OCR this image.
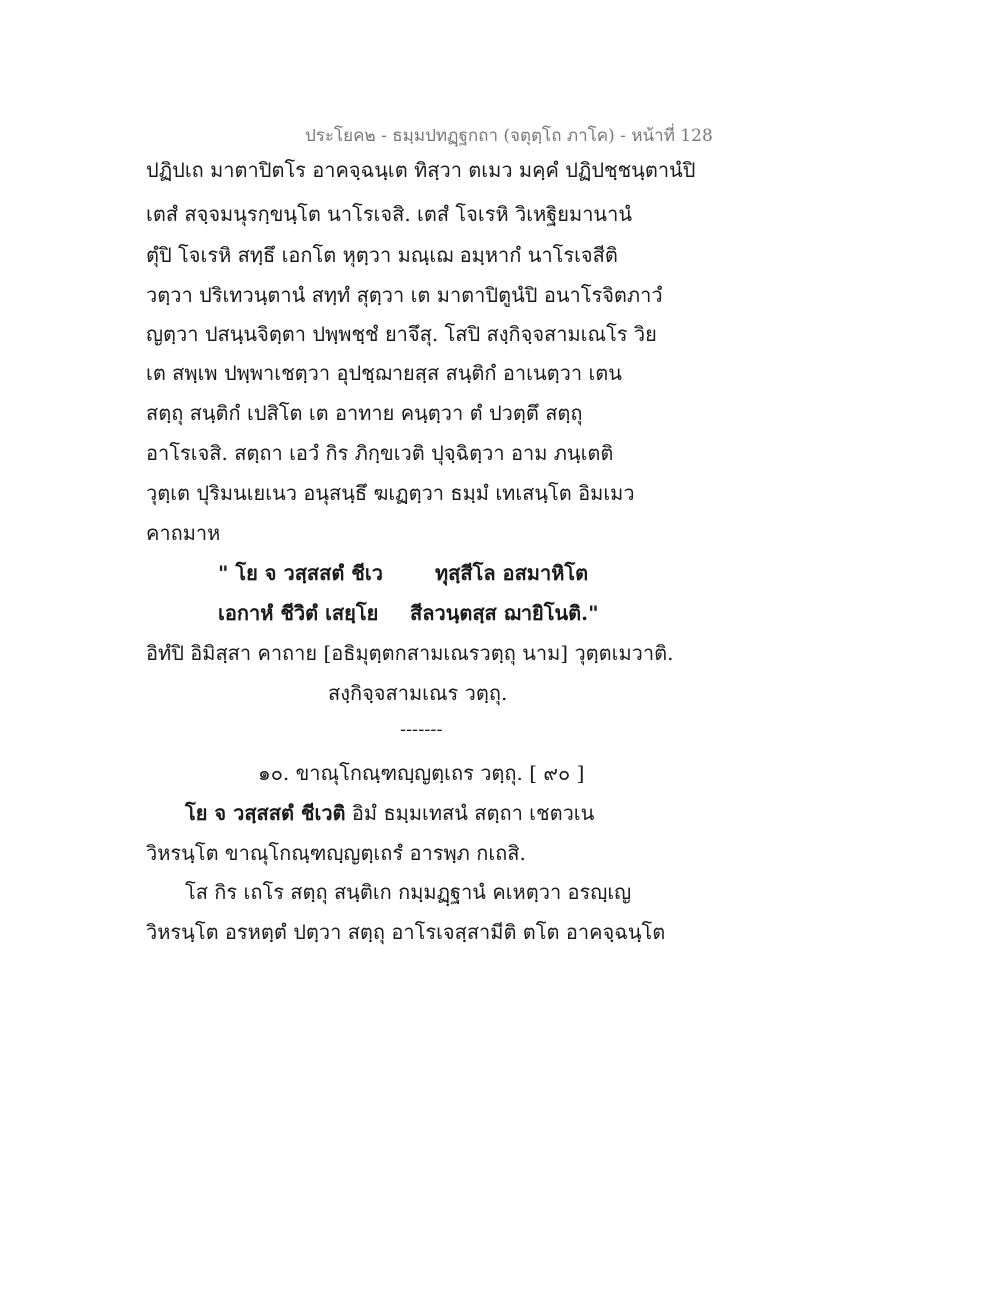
ประโยค๒ - ธมฺมปทฏฺฐกถา (จตุตฺโถ ภาโค) - หน้าที่ 128
ปฏิปเถ มาตาปิตโร อาคจฺฉนฺเต ทิสฺวา ตเมว มคฺคํ ปฏิปชฺชนฺตานํปิ
เตสํ สจฺจมนุรกฺขนฺโต นาโรเจสิ. เตสํ โจเรหิ วิเหฐิยมานานํ
ตุํปิ โจเรหิ สทฺธึ เอกโต หุตฺวา มณฺเฌ อมฺหากํ นาโรเจสีติ
วตฺวา ปริเทวนฺตานํ สทฺทํ สุตฺวา เต มาตาปิตูนํปิ อนาโรจิตภาวํ
ญตฺวา ปสนฺนจิตฺตา ปพฺพชฺชํ ยาจึสุ. โสปิ สงฺกิจฺจสามเณโร วิย
เต สพฺเพ ปพฺพาเชตฺวา อุปชฺฌายสฺส สนฺติกํ อาเนตฺวา เตน
สตฺถุ สนฺติกํ เปสิโต เต อาทาย คนฺตฺวา ตํ ปวตฺตึ สตฺถุ
อาโรเจสิ. สตฺถา เอวํ กิร ภิกฺขเวติ ปุจฺฉิตฺวา อาม ภนฺเตติ
วุตฺเต ปุริมนเยเนว อนุสนฺธึ ฆเฏตฺวา ธมฺมํ เทเสนฺโต อิมเมว
คาถมาห
" โย จ วสฺสสตํ ชีเว	ทุสฺสีโล อสมาหิโต
เอกาหํ ชีวิตํ เสยฺโย สีลวนฺตสฺส ฌายิโนติ."
อิทํปิ อิมิสฺสา คาถาย [อธิมุตฺตกสามเณรวตฺถุ นาม] วุตฺตเมวาติ.
สงฺกิจฺจสามเณร วตฺถุ.
-------
๑๐. ขาณุโกณฺฑญฺญตฺเถร วตฺถุ. [ ๙๐ ]
โย จ วสฺสสตํ ชีเวติ อิมํ ธมฺมเทสนํ สตฺถา เชตวเน
วิหรนฺโต ขาณุโกณฺฑญฺญตฺเถรํ อารพฺภ กเถสิ.
โส กิร เถโร สตฺถุ สนฺติเก กมฺมฏฺฐานํ คเหตฺวา อรญฺเญ
วิหรนฺโต อรหตฺตํ ปตฺวา สตฺถุ อาโรเจสฺสามีติ ตโต อาคจฺฉนฺโต
